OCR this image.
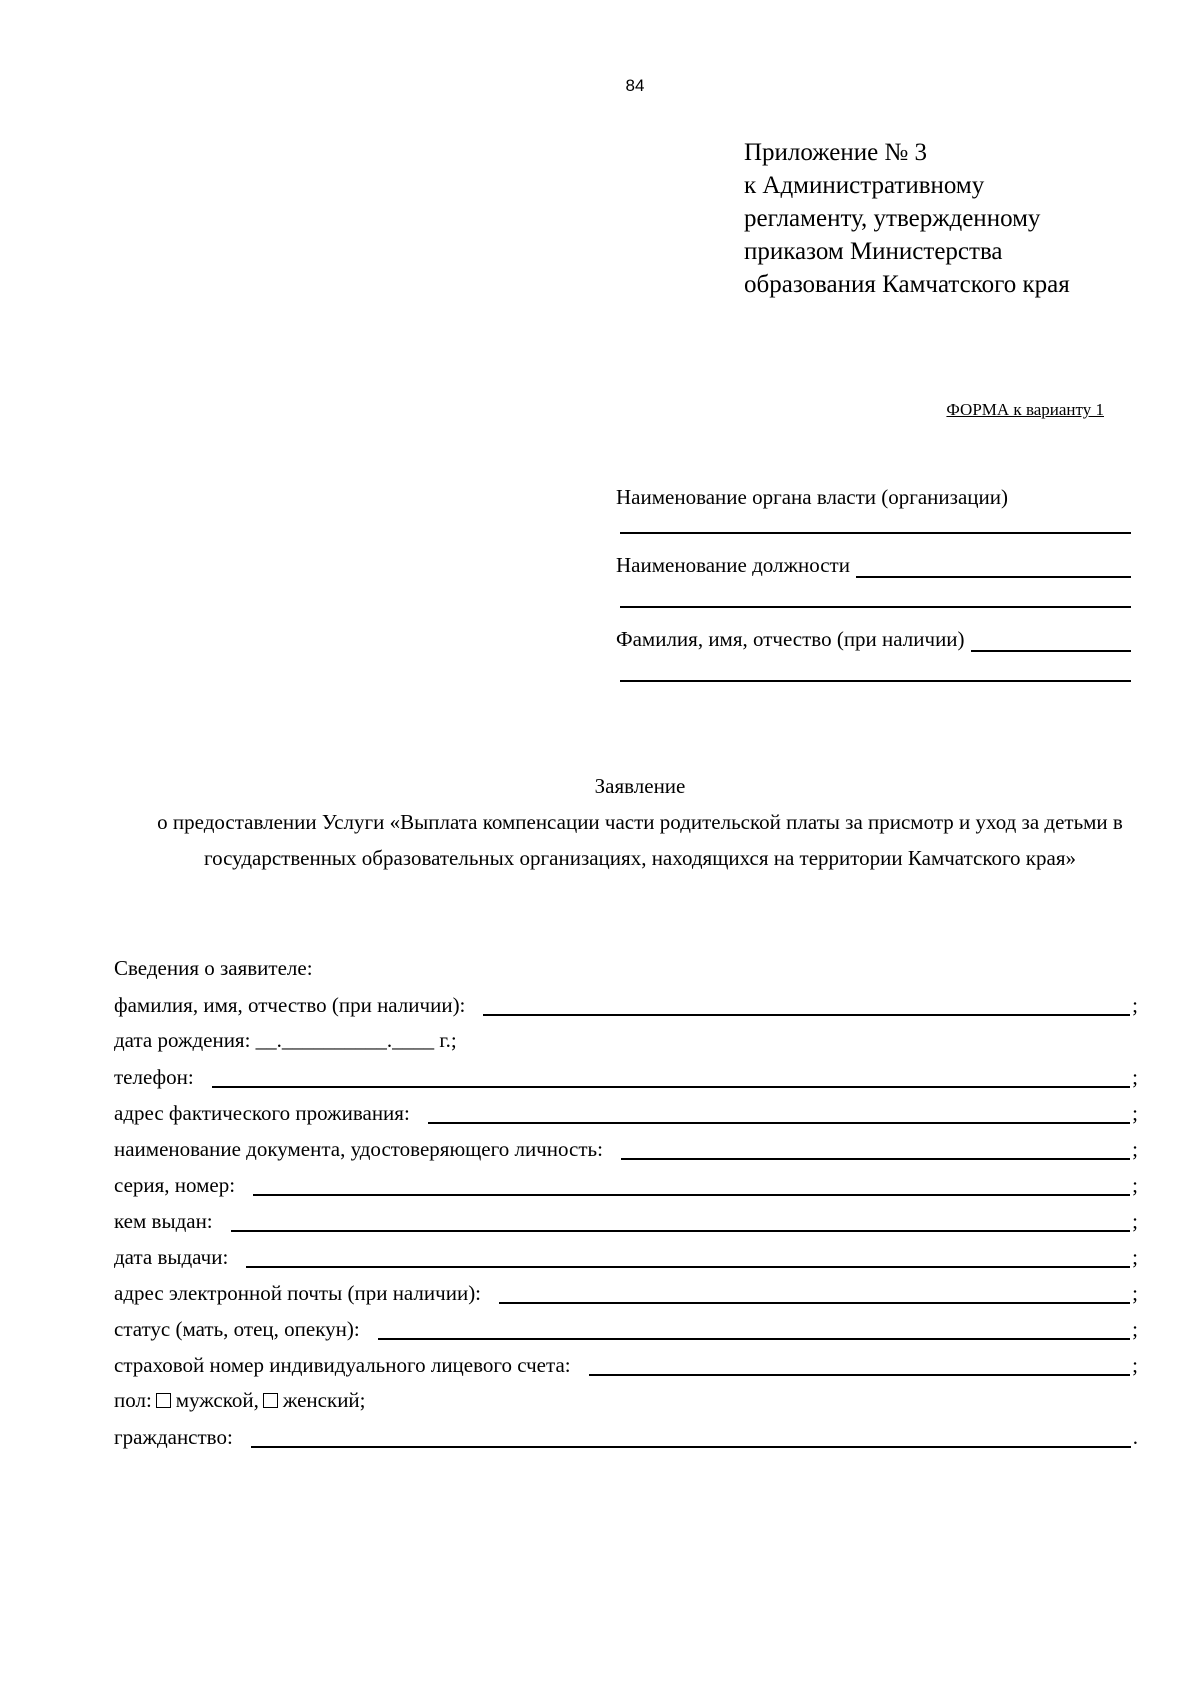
84
Приложение № 3
к Административному
регламенту, утвержденному
приказом Министерства
образования Камчатского края
ФОРМА к варианту 1
Наименование органа власти (организации)
Наименование должности
Фамилия, имя, отчество (при наличии)
Заявление
о предоставлении Услуги «Выплата компенсации части родительской платы за присмотр и уход за детьми в государственных образовательных организациях, находящихся на территории Камчатского края»
Сведения о заявителе:
фамилия, имя, отчество (при наличии):	;
дата рождения: __.__________.____ г.;
телефон:	;
адрес фактического проживания:	;
наименование документа, удостоверяющего личность:	;
серия, номер:	;
кем выдан:	;
дата выдачи:	;
адрес электронной почты (при наличии):	;
статус (мать, отец, опекун):	;
страховой номер индивидуального лицевого счета:	;
пол: мужской, женский;
гражданство:	.
